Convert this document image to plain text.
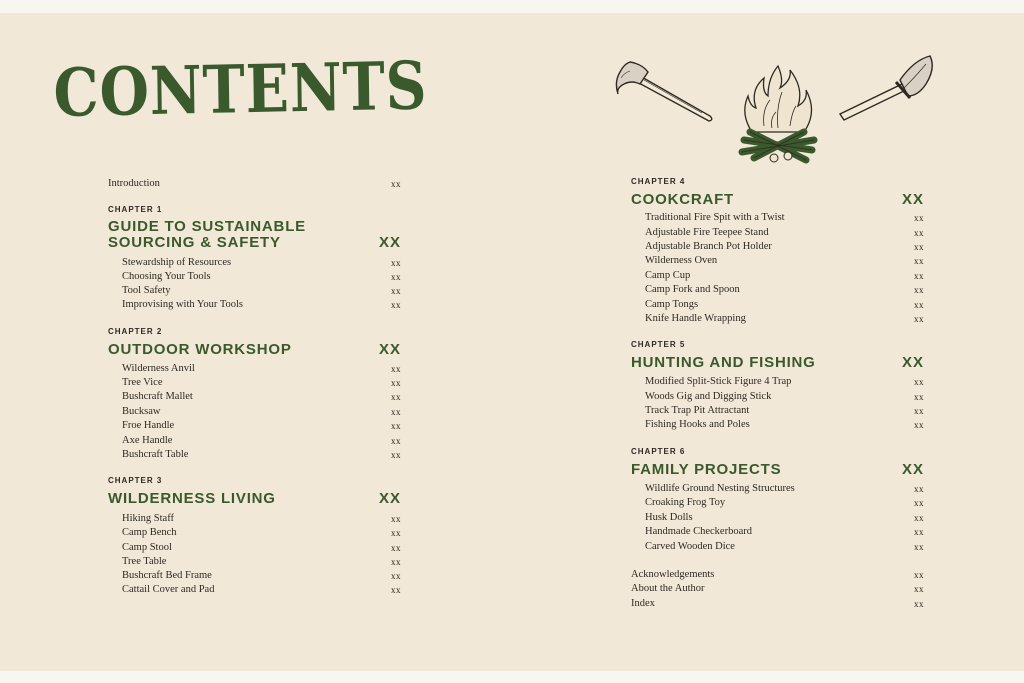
CONTENTS
Introduction	xx
CHAPTER 1
GUIDE TO SUSTAINABLE
SOURCING & SAFETY	XX
Stewardship of Resources	xx
Choosing Your Tools	xx
Tool Safety	xx
Improvising with Your Tools	xx
CHAPTER 2
OUTDOOR WORKSHOP	XX
Wilderness Anvil	xx
Tree Vice	xx
Bushcraft Mallet	xx
Bucksaw	xx
Froe Handle	xx
Axe Handle	xx
Bushcraft Table	xx
CHAPTER 3
WILDERNESS LIVING	XX
Hiking Staff	xx
Camp Bench	xx
Camp Stool	xx
Tree Table	xx
Bushcraft Bed Frame	xx
Cattail Cover and Pad	xx
CHAPTER 4
COOKCRAFT	XX
Traditional Fire Spit with a Twist	xx
Adjustable Fire Teepee Stand	xx
Adjustable Branch Pot Holder	xx
Wilderness Oven	xx
Camp Cup	xx
Camp Fork and Spoon	xx
Camp Tongs	xx
Knife Handle Wrapping	xx
CHAPTER 5
HUNTING AND FISHING	XX
Modified Split-Stick Figure 4 Trap	xx
Woods Gig and Digging Stick	xx
Track Trap Pit Attractant	xx
Fishing Hooks and Poles	xx
CHAPTER 6
FAMILY PROJECTS	XX
Wildlife Ground Nesting Structures	xx
Croaking Frog Toy	xx
Husk Dolls	xx
Handmade Checkerboard	xx
Carved Wooden Dice	xx
Acknowledgements	xx
About the Author	xx
Index	xx
